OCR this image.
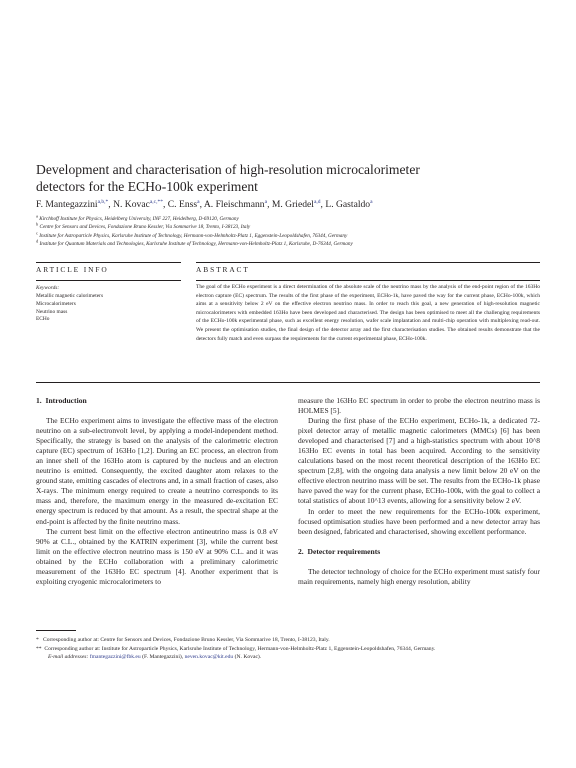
Development and characterisation of high-resolution microcalorimeter
detectors for the ECHo-100k experiment
F. Mantegazzini$^{a,b,*}$, N. Kovac$^{a,c,**}$, C. Enss$^a$, A. Fleischmann$^a$, M. Griedel$^{a,d}$, L. Gastaldo$^a$
$^a$ Kirchhoff Institute for Physics, Heidelberg University, INF 227, Heidelberg, D-69120, Germany
$^b$ Centre for Sensors and Devices, Fondazione Bruno Kessler, Via Sommarive 18, Trento, I-38123, Italy
$^c$ Institute for Astroparticle Physics, Karlsruhe Institute of Technology, Hermann-von-Helmholtz-Platz 1, Eggenstein-Leopoldshafen, 76344, Germany
$^d$ Institute for Quantum Materials and Technologies, Karlsruhe Institute of Technology, Hermann-von-Helmholtz-Platz 1, Karlsruhe, D-76344, Germany
ARTICLE INFO	ABSTRACT
Keywords:
Metallic magnetic calorimeters
Microcalorimeters
Neutrino mass
ECHo
The goal of the ECHo experiment is a direct determination of the absolute scale of the neutrino mass by the analysis of the end-point region of the 163Ho electron capture (EC) spectrum. The results of the first phase of the experiment, ECHo-1k, have paved the way for the current phase, ECHo-100k, which aims at a sensitivity below 2 eV on the effective electron neutrino mass. In order to reach this goal, a new generation of high-resolution magnetic microcalorimeters with embedded 163Ho have been developed and characterised. The design has been optimised to meet all the challenging requirements of the ECHo-100k experimental phase, such as excellent energy resolution, wafer scale implantation and multi-chip operation with multiplexing read-out. We present the optimisation studies, the final design of the detector array and the first characterisation studies. The obtained results demonstrate that the detectors fully match and even surpass the requirements for the current experimental phase, ECHo-100k.

1. Introduction

The ECHo experiment aims to investigate the effective mass of the electron neutrino on a sub-electronvolt level, by applying a model-independent method. Specifically, the strategy is based on the analysis of the calorimetric electron capture (EC) spectrum of 163Ho [1,2]. During an EC process, an electron from an inner shell of the 163Ho atom is captured by the nucleus and an electron neutrino is emitted. Consequently, the excited daughter atom relaxes to the ground state, emitting cascades of electrons and, in a small fraction of cases, also X-rays. The minimum energy required to create a neutrino corresponds to its mass and, therefore, the maximum energy in the measured de-excitation EC energy spectrum is reduced by that amount. As a result, the spectral shape at the end-point is affected by the finite neutrino mass.

The current best limit on the effective electron antineutrino mass is 0.8 eV 90% at C.L., obtained by the KATRIN experiment [3], while the current best limit on the effective electron neutrino mass is 150 eV at 90% C.L. and it was obtained by the ECHo collaboration with a preliminary calorimetric measurement of the 163Ho EC spectrum [4]. Another experiment that is exploiting cryogenic microcalorimeters to

measure the 163Ho EC spectrum in order to probe the electron neutrino mass is HOLMES [5].

During the first phase of the ECHo experiment, ECHo-1k, a dedicated 72-pixel detector array of metallic magnetic calorimeters (MMCs) [6] has been developed and characterised [7] and a high-statistics spectrum with about 10^8 163Ho EC events in total has been acquired. According to the sensitivity calculations based on the most recent theoretical description of the 163Ho EC spectrum [2,8], with the ongoing data analysis a new limit below 20 eV on the effective electron neutrino mass will be set. The results from the ECHo-1k phase have paved the way for the current phase, ECHo-100k, with the goal to collect a total statistics of about 10^13 events, allowing for a sensitivity below 2 eV.

In order to meet the new requirements for the ECHo-100k experiment, focused optimisation studies have been performed and a new detector array has been designed, fabricated and characterised, showing excellent performance.

2. Detector requirements

The detector technology of choice for the ECHo experiment must satisfy four main requirements, namely high energy resolution, ability

* Corresponding author at: Centre for Sensors and Devices, Fondazione Bruno Kessler, Via Sommarive 18, Trento, I-38123, Italy.
** Corresponding author at: Institute for Astroparticle Physics, Karlsruhe Institute of Technology, Hermann-von-Helmholtz-Platz 1, Eggenstein-Leopoldshafen, 76344, Germany.
E-mail addresses: fmantegazzini@fbk.eu (F. Mantegazzini), neven.kovac@kit.edu (N. Kovac).
